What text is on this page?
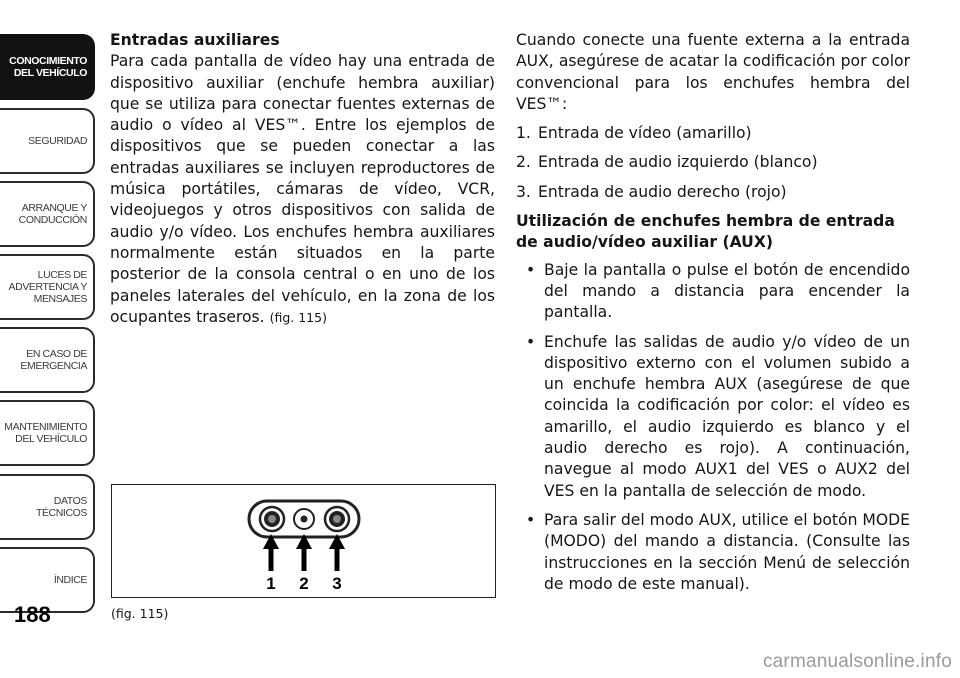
CONOCIMIENTO
DEL VEHÍCULO
SEGURIDAD
ARRANQUE Y
CONDUCCIÓN
LUCES DE
ADVERTENCIA Y
MENSAJES
EN CASO DE
EMERGENCIA
MANTENIMIENTO
DEL VEHÍCULO
DATOS
TÉCNICOS
ÍNDICE
188

Entradas auxiliares

Para cada pantalla de vídeo hay una entrada de dispositivo auxiliar (enchufe hembra auxiliar) que se utiliza para conectar fuentes externas de audio o vídeo al VES™. Entre los ejemplos de dispositivos que se pueden conectar a las entradas auxiliares se incluyen reproductores de música portátiles, cámaras de vídeo, VCR, videojuegos y otros dispositivos con salida de audio y/o vídeo. Los enchufes hembra auxiliares normalmente están situados en la parte posterior de la consola central o en uno de los paneles laterales del vehículo, en la zona de los ocupantes traseros. (fig. 115)

1 2 3
(fig. 115)

Cuando conecte una fuente externa a la entrada AUX, asegúrese de acatar la codificación por color convencional para los enchufes hembra del VES™:

1. Entrada de vídeo (amarillo)
2. Entrada de audio izquierdo (blanco)
3. Entrada de audio derecho (rojo)

Utilización de enchufes hembra de entrada de audio/vídeo auxiliar (AUX)

• Baje la pantalla o pulse el botón de encendido del mando a distancia para encender la pantalla.
• Enchufe las salidas de audio y/o vídeo de un dispositivo externo con el volumen subido a un enchufe hembra AUX (asegúrese de que coincida la codificación por color: el vídeo es amarillo, el audio izquierdo es blanco y el audio derecho es rojo). A continuación, navegue al modo AUX1 del VES o AUX2 del VES en la pantalla de selección de modo.
• Para salir del modo AUX, utilice el botón MODE (MODO) del mando a distancia. (Consulte las instrucciones en la sección Menú de selección de modo de este manual).
carmanualsonline.info
